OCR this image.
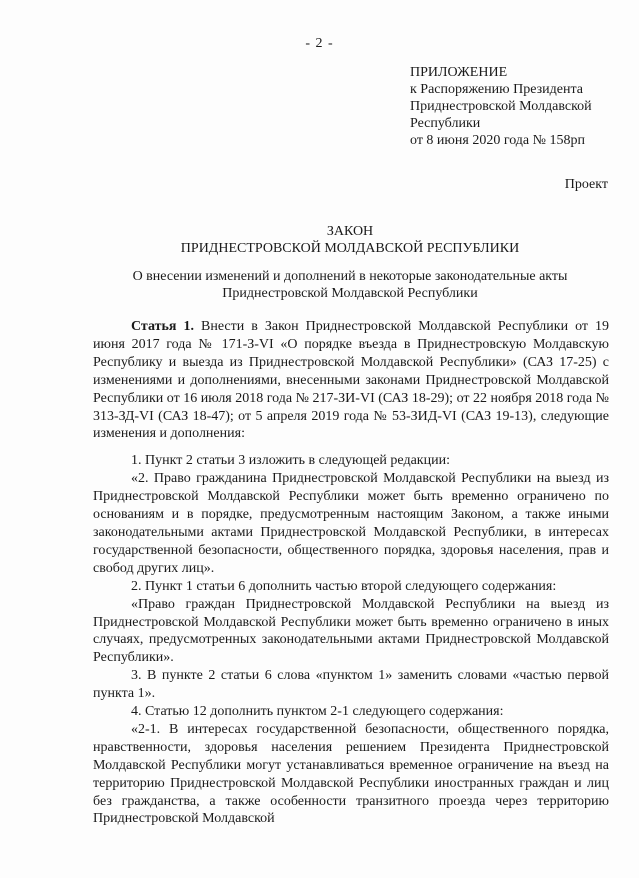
- 2 -
ПРИЛОЖЕНИЕ
к Распоряжению Президента
Приднестровской Молдавской
Республики
от 8 июня 2020 года № 158рп
Проект
ЗАКОН
ПРИДНЕСТРОВСКОЙ МОЛДАВСКОЙ РЕСПУБЛИКИ
О внесении изменений и дополнений в некоторые законодательные акты
Приднестровской Молдавской Республики

Статья 1. Внести в Закон Приднестровской Молдавской Республики от 19 июня 2017 года № 171-З-VI «О порядке въезда в Приднестровскую Молдавскую Республику и выезда из Приднестровской Молдавской Республики» (САЗ 17-25) с изменениями и дополнениями, внесенными законами Приднестровской Молдавской Республики от 16 июля 2018 года № 217-ЗИ-VI (САЗ 18-29); от 22 ноября 2018 года № 313-ЗД-VI (САЗ 18-47); от 5 апреля 2019 года № 53-ЗИД-VI (САЗ 19-13), следующие изменения и дополнения:

1. Пункт 2 статьи 3 изложить в следующей редакции:

«2. Право гражданина Приднестровской Молдавской Республики на выезд из Приднестровской Молдавской Республики может быть временно ограничено по основаниям и в порядке, предусмотренным настоящим Законом, а также иными законодательными актами Приднестровской Молдавской Республики, в интересах государственной безопасности, общественного порядка, здоровья населения, прав и свобод других лиц».

2. Пункт 1 статьи 6 дополнить частью второй следующего содержания:

«Право граждан Приднестровской Молдавской Республики на выезд из Приднестровской Молдавской Республики может быть временно ограничено в иных случаях, предусмотренных законодательными актами Приднестровской Молдавской Республики».

3. В пункте 2 статьи 6 слова «пунктом 1» заменить словами «частью первой пункта 1».

4. Статью 12 дополнить пунктом 2-1 следующего содержания:

«2-1. В интересах государственной безопасности, общественного порядка, нравственности, здоровья населения решением Президента Приднестровской Молдавской Республики могут устанавливаться временное ограничение на въезд на территорию Приднестровской Молдавской Республики иностранных граждан и лиц без гражданства, а также особенности транзитного проезда через территорию Приднестровской Молдавской
